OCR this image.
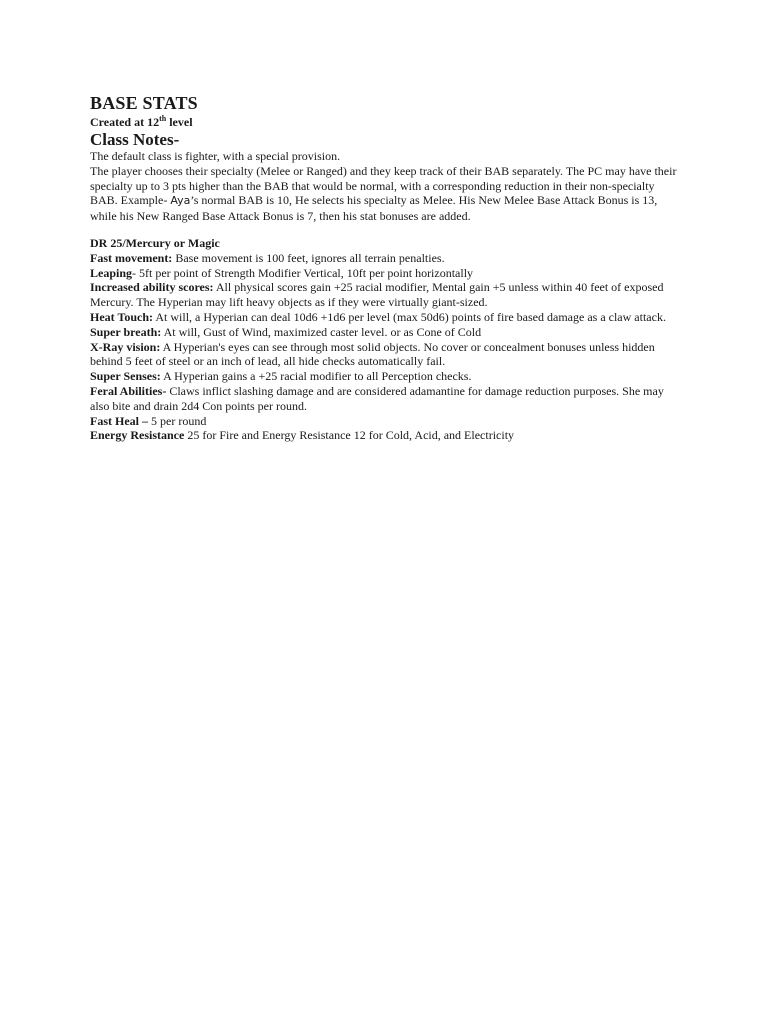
BASE STATS

Created at 12th level

Class Notes-

The default class is fighter, with a special provision.

The player chooses their specialty (Melee or Ranged) and they keep track of their BAB separately. The PC may have their specialty up to 3 pts higher than the BAB that would be normal, with a corresponding reduction in their non-specialty BAB. Example- Aya’s normal BAB is 10, He selects his specialty as Melee. His New Melee Base Attack Bonus is 13, while his New Ranged Base Attack Bonus is 7, then his stat bonuses are added.

DR 25/Mercury or Magic

Fast movement: Base movement is 100 feet, ignores all terrain penalties.

Leaping- 5ft per point of Strength Modifier Vertical, 10ft per point horizontally

Increased ability scores: All physical scores gain +25 racial modifier, Mental gain +5 unless within 40 feet of exposed Mercury. The Hyperian may lift heavy objects as if they were virtually giant-sized.

Heat Touch: At will, a Hyperian can deal 10d6 +1d6 per level (max 50d6) points of fire based damage as a claw attack.

Super breath: At will, Gust of Wind, maximized caster level. or as Cone of Cold

X-Ray vision: A Hyperian's eyes can see through most solid objects. No cover or concealment bonuses unless hidden behind 5 feet of steel or an inch of lead, all hide checks automatically fail.

Super Senses: A Hyperian gains a +25 racial modifier to all Perception checks.

Feral Abilities- Claws inflict slashing damage and are considered adamantine for damage reduction purposes. She may also bite and drain 2d4 Con points per round.

Fast Heal – 5 per round

Energy Resistance 25 for Fire and Energy Resistance 12 for Cold, Acid, and Electricity
